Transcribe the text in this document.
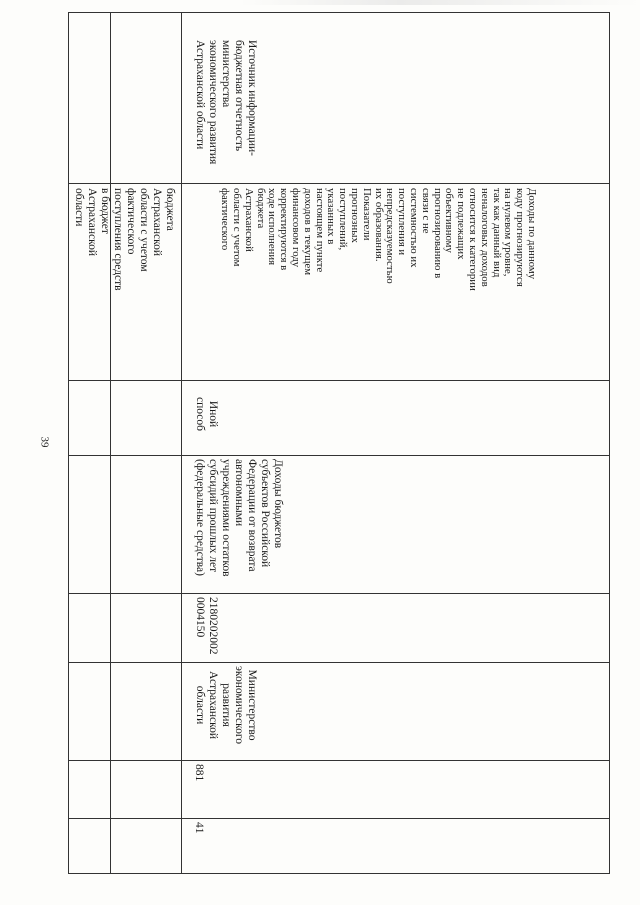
39
бюджета
Астраханской
области с учетом
фактического
поступления средств
в бюджет
Астраханской
области
41
881
Министерство
экономического
развития
Астраханской
области
2180202002
0004150
Доходы бюджетов
субъектов Российской
Федерации от возврата
автономными
учреждениями остатков
субсидий прошлых лет
(федеральные средства)
Иной
способ
Доходы по данному
коду прогнозируются
на нулевом уровне,
так как данный вид
неналоговых доходов
относится к категории
не подлежащих
объективному
прогнозированию в
связи с не
системностью их
поступления и
непредсказуемостью
их образования.
Показатели
прогнозных
поступлений,
указанных в
настоящем пункте
доходов в текущем
финансовом году
корректируются в
ходе исполнения
бюджета
Астраханской
области с учетом
фактического
Источник информации-
бюджетная отчетность
министерства
экономического развития
Астраханской области
